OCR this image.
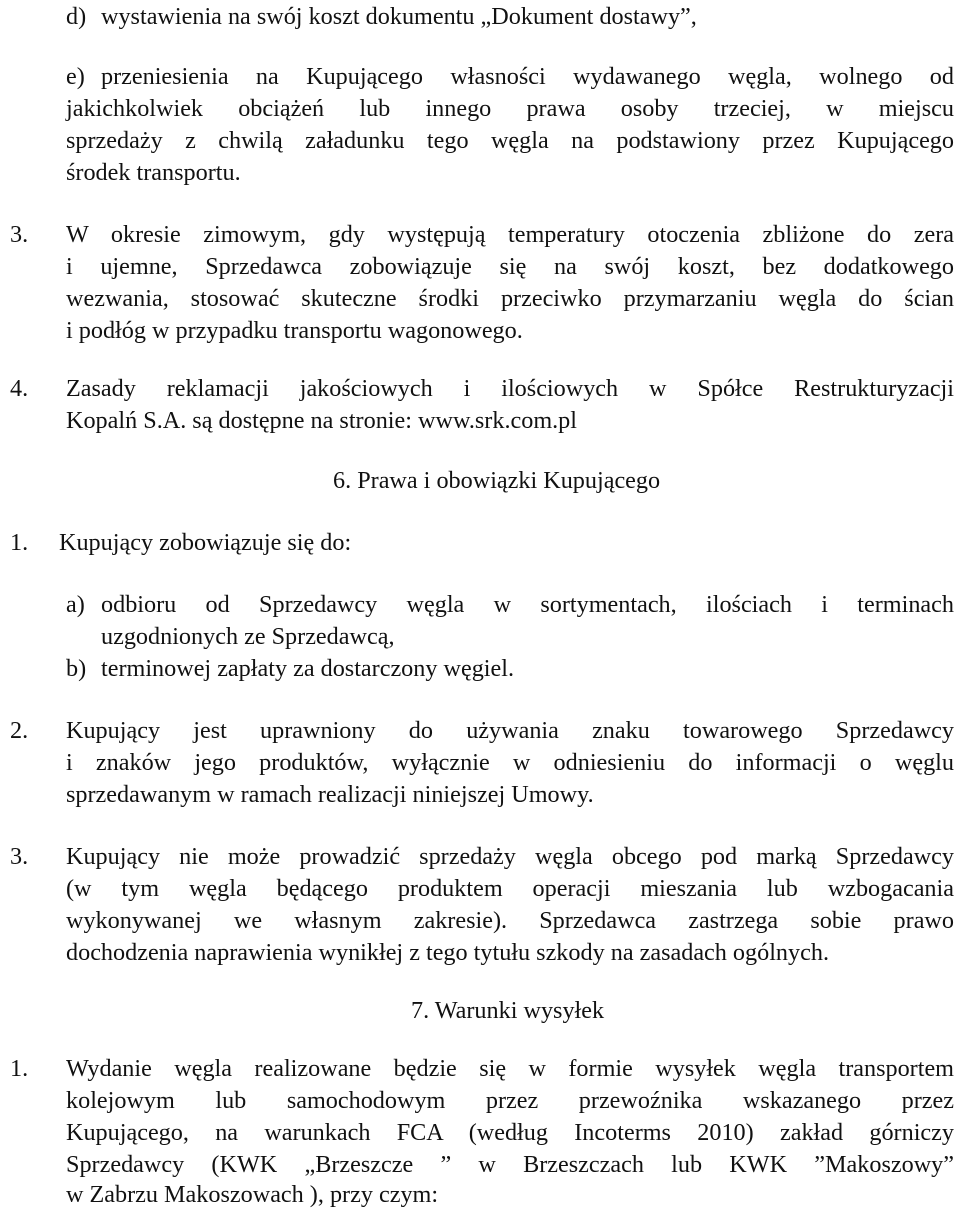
d) wystawienia na swój koszt dokumentu „Dokument dostawy”,
e) przeniesienia na Kupującego własności wydawanego węgla, wolnego od
jakichkolwiek obciążeń lub innego prawa osoby trzeciej, w miejscu
sprzedaży z chwilą załadunku tego węgla na podstawiony przez Kupującego
środek transportu.
3. W okresie zimowym, gdy występują temperatury otoczenia zbliżone do zera
i ujemne, Sprzedawca zobowiązuje się na swój koszt, bez dodatkowego
wezwania, stosować skuteczne środki przeciwko przymarzaniu węgla do ścian
i podłóg w przypadku transportu wagonowego.
4. Zasady reklamacji jakościowych i ilościowych w Spółce Restrukturyzacji
Kopalń S.A. są dostępne na stronie: www.srk.com.pl
6. Prawa i obowiązki Kupującego
1. Kupujący zobowiązuje się do:
a) odbioru od Sprzedawcy węgla w sortymentach, ilościach i terminach
uzgodnionych ze Sprzedawcą,
b) terminowej zapłaty za dostarczony węgiel.
2. Kupujący jest uprawniony do używania znaku towarowego Sprzedawcy
i znaków jego produktów, wyłącznie w odniesieniu do informacji o węglu
sprzedawanym w ramach realizacji niniejszej Umowy.
3. Kupujący nie może prowadzić sprzedaży węgla obcego pod marką Sprzedawcy
(w tym węgla będącego produktem operacji mieszania lub wzbogacania
wykonywanej we własnym zakresie). Sprzedawca zastrzega sobie prawo
dochodzenia naprawienia wynikłej z tego tytułu szkody na zasadach ogólnych.
7. Warunki wysyłek
1. Wydanie węgla realizowane będzie się w formie wysyłek węgla transportem
kolejowym lub samochodowym przez przewoźnika wskazanego przez
Kupującego, na warunkach FCA (według Incoterms 2010) zakład górniczy
Sprzedawcy (KWK „Brzeszcze ” w Brzeszczach lub KWK ”Makoszowy”
w Zabrzu Makoszowach ), przy czym:
